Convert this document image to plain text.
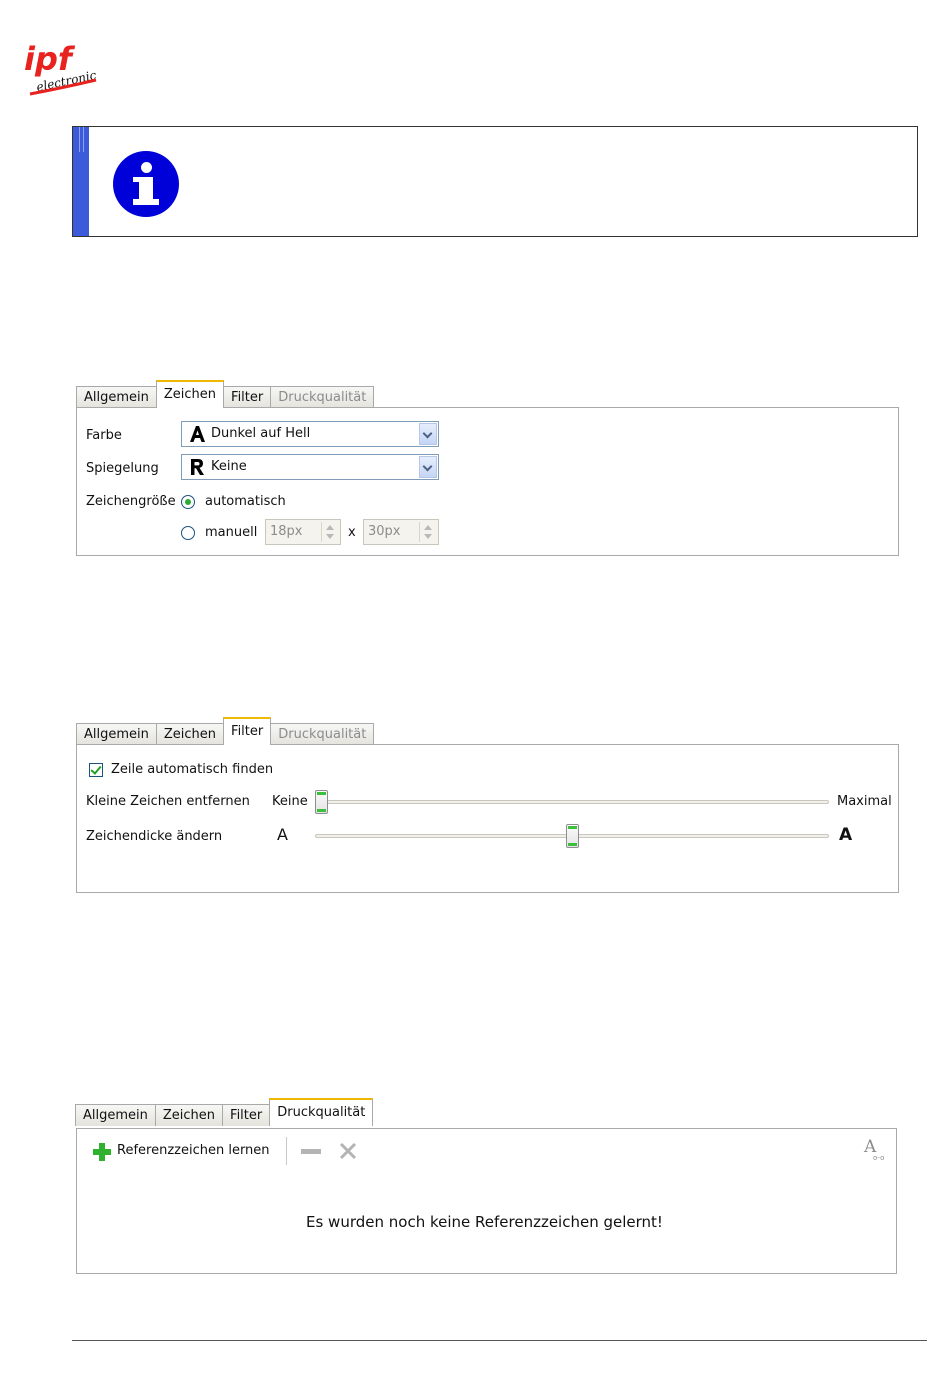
ipf
electronic
Allgemein	Zeichen	Filter	Druckqualität
Farbe	Dunkel auf Hell
Spiegelung	Keine
Zeichengröße automatisch
manuell 18px	x 30px
Allgemein	Zeichen	Filter	Druckqualität
Zeile automatisch finden
Kleine Zeichen entfernen Keine	Maximal
Zeichendicke ändern	A	A
Allgemein	Zeichen	Filter	Druckqualität
Referenzzeichen lernen	A
o-o
Es wurden noch keine Referenzzeichen gelernt!
